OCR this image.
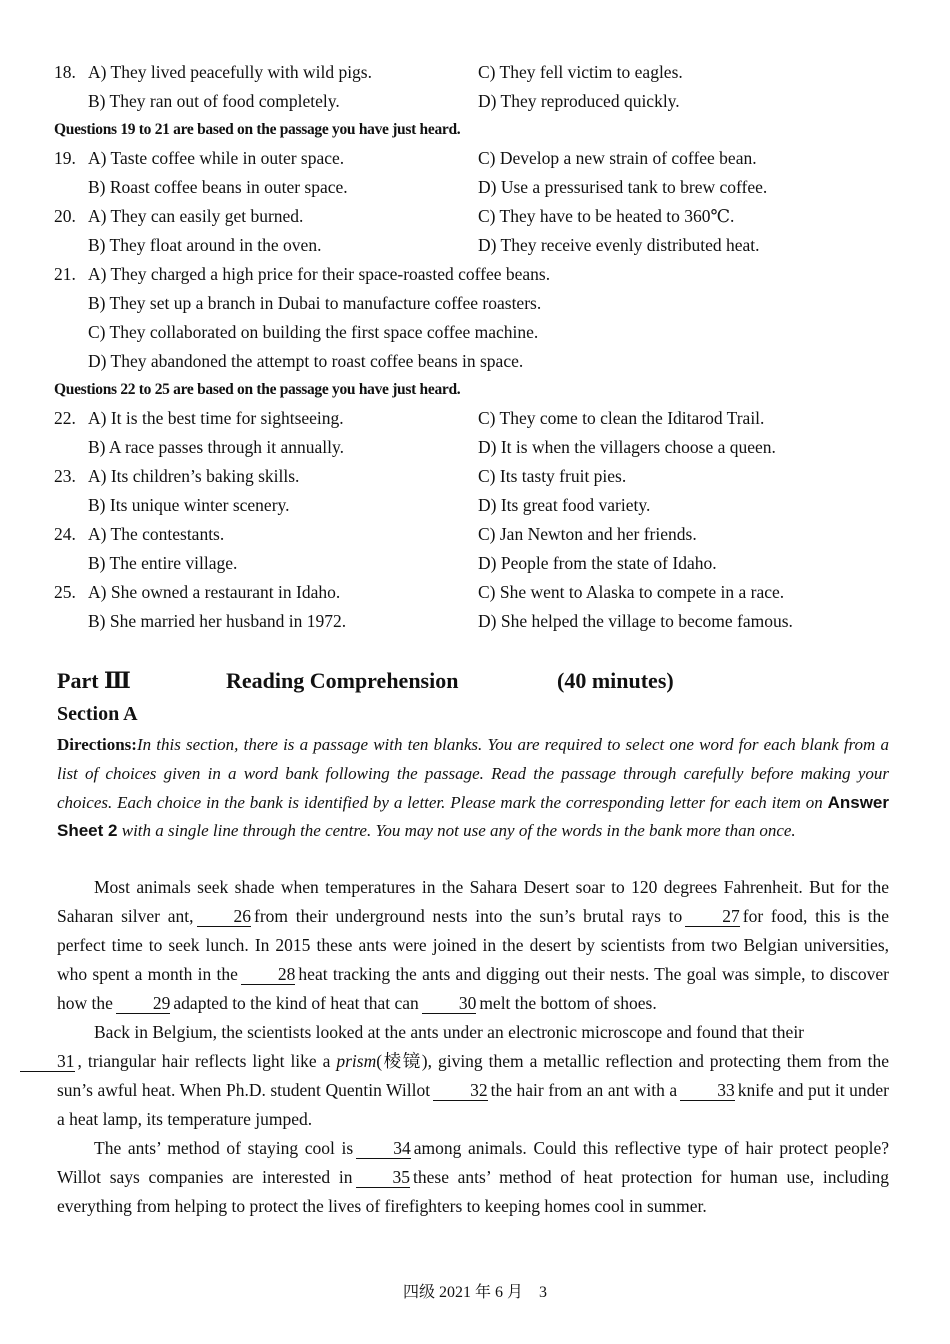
18. A) They lived peacefully with wild pigs.	C) They fell victim to eagles.
B) They ran out of food completely.	D) They reproduced quickly.
Questions 19 to 21 are based on the passage you have just heard.
19. A) Taste coffee while in outer space.	C) Develop a new strain of coffee bean.
B) Roast coffee beans in outer space.	D) Use a pressurised tank to brew coffee.
20. A) They can easily get burned.	C) They have to be heated to 360℃.
B) They float around in the oven.	D) They receive evenly distributed heat.
21. A) They charged a high price for their space-roasted coffee beans.
B) They set up a branch in Dubai to manufacture coffee roasters.
C) They collaborated on building the first space coffee machine.
D) They abandoned the attempt to roast coffee beans in space.
Questions 22 to 25 are based on the passage you have just heard.
22. A) It is the best time for sightseeing.	C) They come to clean the Iditarod Trail.
B) A race passes through it annually.	D) It is when the villagers choose a queen.
23. A) Its children’s baking skills.	C) Its tasty fruit pies.
B) Its unique winter scenery.	D) Its great food variety.
24. A) The contestants.	C) Jan Newton and her friends.
B) The entire village.	D) People from the state of Idaho.
25. A) She owned a restaurant in Idaho.	C) She went to Alaska to compete in a race.
B) She married her husband in 1972.	D) She helped the village to become famous.
Part Ⅲ	Reading Comprehension	(40 minutes)
Section A
Directions:In this section, there is a passage with ten blanks. You are required to select one word for each blank from a list of choices given in a word bank following the passage. Read the passage through carefully before making your choices. Each choice in the bank is identified by a letter. Please mark the corresponding letter for each item on Answer Sheet 2 with a single line through the centre. You may not use any of the words in the bank more than once.

Most animals seek shade when temperatures in the Sahara Desert soar to 120 degrees Fahrenheit. But for the Saharan silver ant, 26 from their underground nests into the sun’s brutal rays to 27 for food, this is the perfect time to seek lunch. In 2015 these ants were joined in the desert by scientists from two Belgian universities, who spent a month in the 28 heat tracking the ants and digging out their nests. The goal was simple, to discover how the 29 adapted to the kind of heat that can 30 melt the bottom of shoes.

Back in Belgium, the scientists looked at the ants under an electronic microscope and found that their
31 , triangular hair reflects light like a prism(棱镜), giving them a metallic reflection and protecting them from the sun’s awful heat. When Ph.D. student Quentin Willot 32 the hair from an ant with a 33 knife and put it under a heat lamp, its temperature jumped.

The ants’ method of staying cool is 34 among animals. Could this reflective type of hair protect people? Willot says companies are interested in 35 these ants’ method of heat protection for human use, including everything from helping to protect the lives of firefighters to keeping homes cool in summer.

四级 2021 年 6 月　3
